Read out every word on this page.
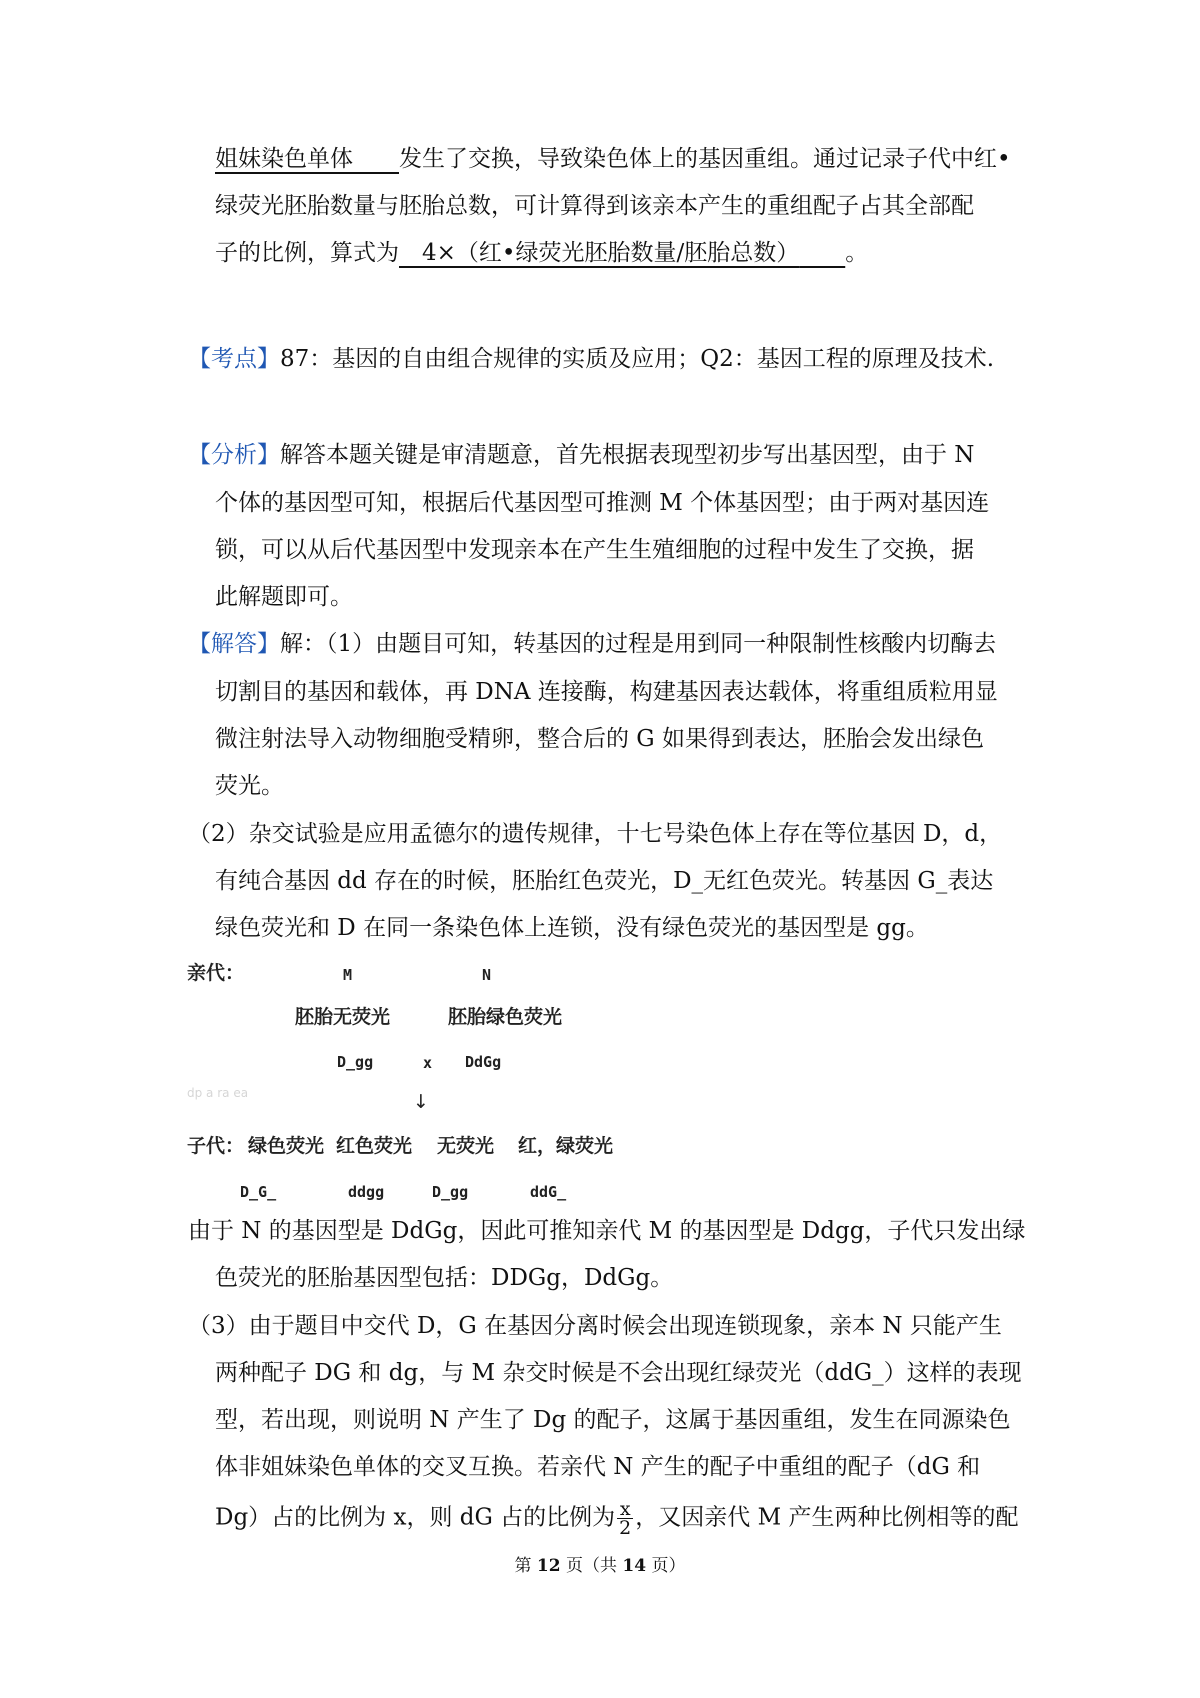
姐妹染色单体   发生了交换，导致染色体上的基因重组。通过记录子代中红•
绿荧光胚胎数量与胚胎总数，可计算得到该亲本产生的重组配子占其全部配
子的比例，算式为  4×（红•绿荧光胚胎数量/胚胎总数）   。
【考点】87：基因的自由组合规律的实质及应用；Q2：基因工程的原理及技术.
【分析】解答本题关键是审清题意，首先根据表现型初步写出基因型，由于 N
个体的基因型可知，根据后代基因型可推测 M 个体基因型；由于两对基因连
锁，可以从后代基因型中发现亲本在产生生殖细胞的过程中发生了交换，据
此解题即可。
【解答】解：（1）由题目可知，转基因的过程是用到同一种限制性核酸内切酶去
切割目的基因和载体，再 DNA 连接酶，构建基因表达载体，将重组质粒用显
微注射法导入动物细胞受精卵，整合后的 G 如果得到表达，胚胎会发出绿色
荧光。
（2）杂交试验是应用孟德尔的遗传规律，十七号染色体上存在等位基因 D，d，
有纯合基因 dd 存在的时候，胚胎红色荧光，D_无红色荧光。转基因 G_表达
绿色荧光和 D 在同一条染色体上连锁，没有绿色荧光的基因型是 gg。
亲代：	M	N
胚胎无荧光	胚胎绿色荧光
D_gg	x DdGg
dp a ra ea	↓
子代： 绿色荧光 红色荧光 无荧光 红，绿荧光
D_G_	ddgg	D_gg	ddG_
由于 N 的基因型是 DdGg，因此可推知亲代 M 的基因型是 Ddgg，子代只发出绿
色荧光的胚胎基因型包括：DDGg，DdGg。
（3）由于题目中交代 D，G 在基因分离时候会出现连锁现象，亲本 N 只能产生
两种配子 DG 和 dg，与 M 杂交时候是不会出现红绿荧光（ddG_）这样的表现
型，若出现，则说明 N 产生了 Dg 的配子，这属于基因重组，发生在同源染色
体非姐妹染色单体的交叉互换。若亲代 N 产生的配子中重组的配子（dG 和
Dg）占的比例为 x，则 dG 占的比例为 $\frac{x}{2}$ ，又因亲代 M 产生两种比例相等的配
第 12 页（共 14 页）
